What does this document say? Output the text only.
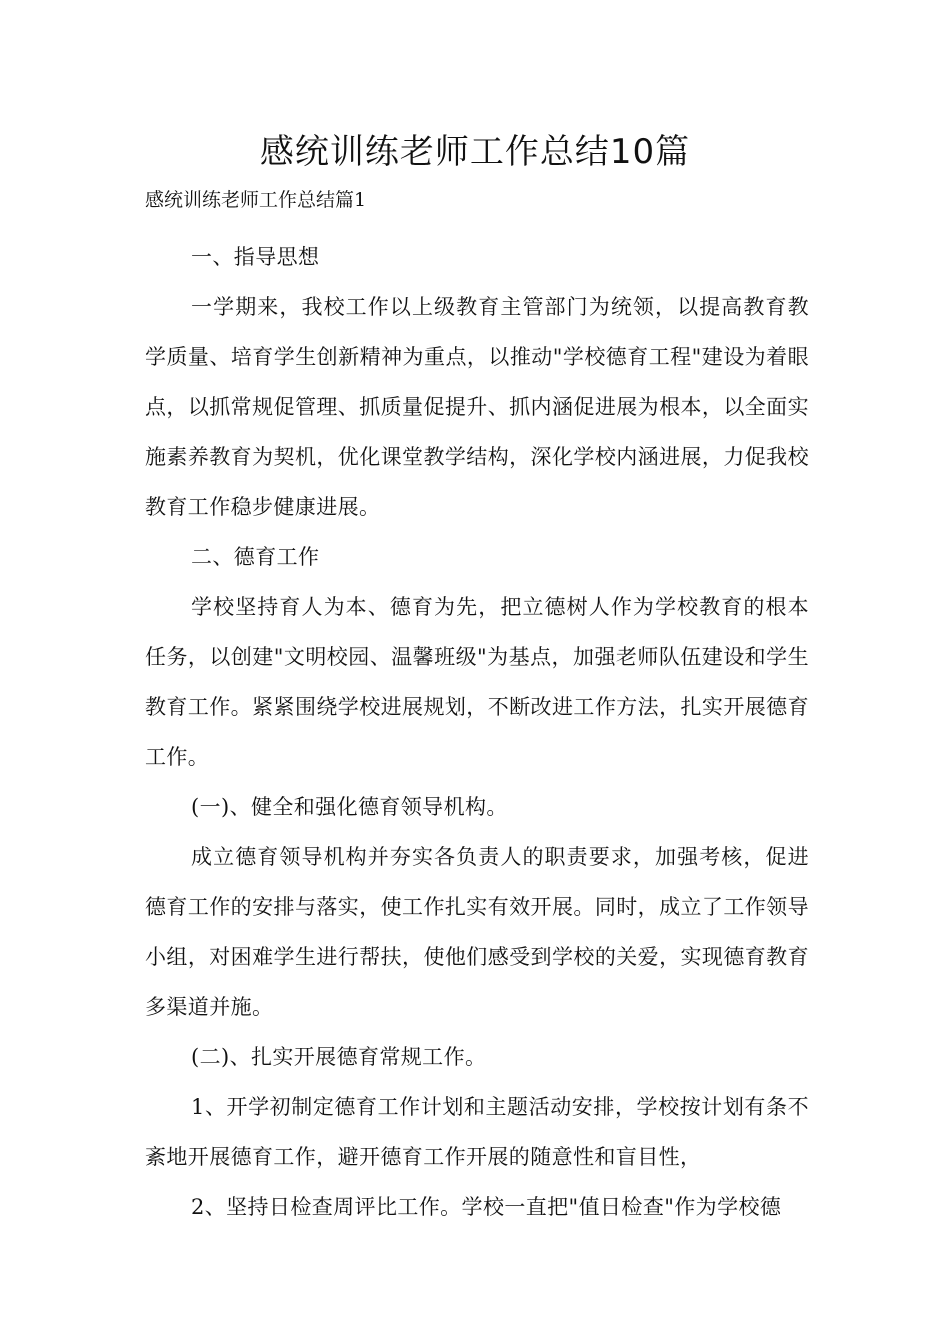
感统训练老师工作总结10篇

感统训练老师工作总结篇1

一、指导思想

一学期来，我校工作以上级教育主管部门为统领，以提高教育教学质量、培育学生创新精神为重点，以推动"学校德育工程"建设为着眼点，以抓常规促管理、抓质量促提升、抓内涵促进展为根本，以全面实施素养教育为契机，优化课堂教学结构，深化学校内涵进展，力促我校教育工作稳步健康进展。

二、德育工作

学校坚持育人为本、德育为先，把立德树人作为学校教育的根本任务，以创建"文明校园、温馨班级"为基点，加强老师队伍建设和学生教育工作。紧紧围绕学校进展规划，不断改进工作方法，扎实开展德育工作。

(一)、健全和强化德育领导机构。

成立德育领导机构并夯实各负责人的职责要求，加强考核，促进德育工作的安排与落实，使工作扎实有效开展。同时，成立了工作领导小组，对困难学生进行帮扶，使他们感受到学校的关爱，实现德育教育多渠道并施。

(二)、扎实开展德育常规工作。

1、开学初制定德育工作计划和主题活动安排，学校按计划有条不紊地开展德育工作，避开德育工作开展的随意性和盲目性，

2、坚持日检查周评比工作。学校一直把"值日检查"作为学校德
